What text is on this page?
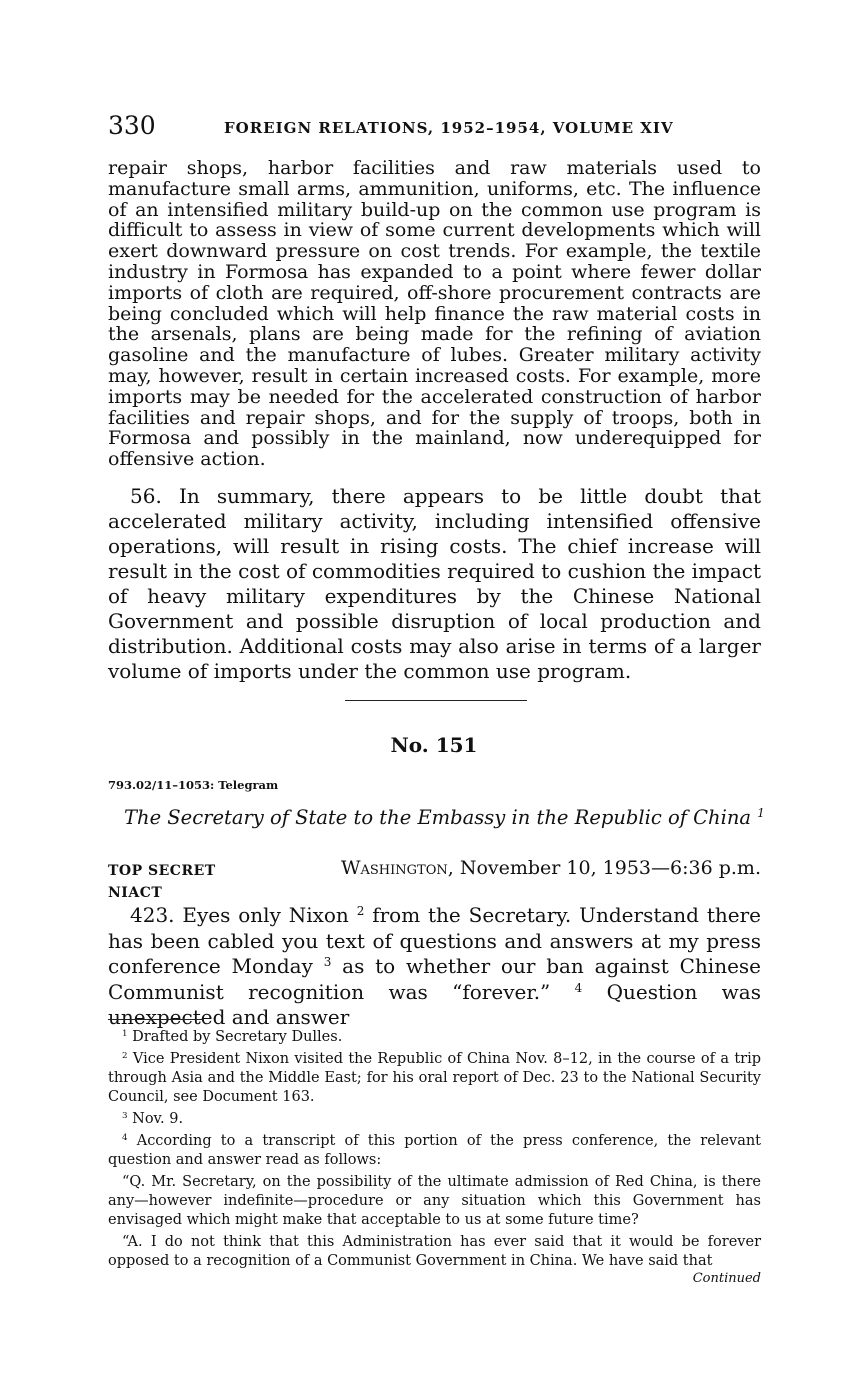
330	FOREIGN RELATIONS, 1952–1954, VOLUME XIV

repair shops, harbor facilities and raw materials used to manufacture small arms, ammunition, uniforms, etc. The influence of an intensified military build-up on the common use program is difficult to assess in view of some current developments which will exert downward pressure on cost trends. For example, the textile industry in Formosa has expanded to a point where fewer dollar imports of cloth are required, off-shore procurement contracts are being concluded which will help finance the raw material costs in the arsenals, plans are being made for the refining of aviation gasoline and the manufacture of lubes. Greater military activity may, however, result in certain increased costs. For example, more imports may be needed for the accelerated construction of harbor facilities and repair shops, and for the supply of troops, both in Formosa and possibly in the mainland, now underequipped for offensive action.

56. In summary, there appears to be little doubt that accelerated military activity, including intensified offensive operations, will result in rising costs. The chief increase will result in the cost of commodities required to cushion the impact of heavy military expenditures by the Chinese National Government and possible disruption of local production and distribution. Additional costs may also arise in terms of a larger volume of imports under the common use program.

No. 151
793.02/11–1053: Telegram
The Secretary of State to the Embassy in the Republic of China $^1$
TOP SECRET
NIACT
Washington, November 10, 1953—6:36 p.m.

423. Eyes only Nixon $^2$ from the Secretary. Understand there has been cabled you text of questions and answers at my press conference Monday $^3$ as to whether our ban against Chinese Communist recognition was “forever.” $^4$ Question was unexpected and answer

$^1$ Drafted by Secretary Dulles.

$^2$ Vice President Nixon visited the Republic of China Nov. 8–12, in the course of a trip through Asia and the Middle East; for his oral report of Dec. 23 to the National Security Council, see Document 163.

$^3$ Nov. 9.

$^4$ According to a transcript of this portion of the press conference, the relevant question and answer read as follows:

“Q. Mr. Secretary, on the possibility of the ultimate admission of Red China, is there any—however indefinite—procedure or any situation which this Government has envisaged which might make that acceptable to us at some future time?

“A. I do not think that this Administration has ever said that it would be forever opposed to a recognition of a Communist Government in China. We have said that

Continued
